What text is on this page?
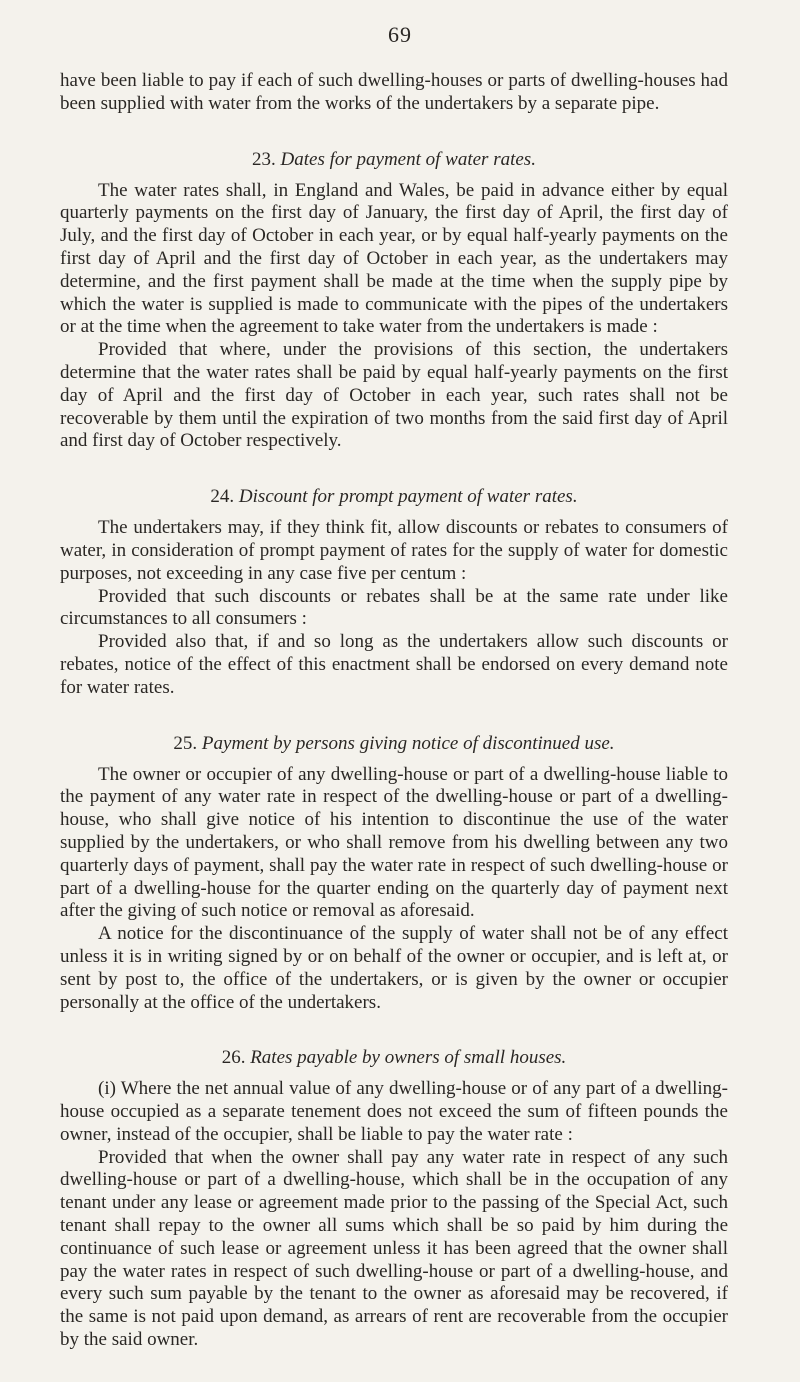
69

have been liable to pay if each of such dwelling-houses or parts of dwelling-houses had been supplied with water from the works of the undertakers by a separate pipe.

23. Dates for payment of water rates.

The water rates shall, in England and Wales, be paid in advance either by equal quarterly payments on the first day of January, the first day of April, the first day of July, and the first day of October in each year, or by equal half-yearly payments on the first day of April and the first day of October in each year, as the undertakers may determine, and the first payment shall be made at the time when the supply pipe by which the water is supplied is made to communicate with the pipes of the undertakers or at the time when the agreement to take water from the undertakers is made :

Provided that where, under the provisions of this section, the undertakers determine that the water rates shall be paid by equal half-yearly payments on the first day of April and the first day of October in each year, such rates shall not be recoverable by them until the expiration of two months from the said first day of April and first day of October respectively.

24. Discount for prompt payment of water rates.

The undertakers may, if they think fit, allow discounts or rebates to consumers of water, in consideration of prompt payment of rates for the supply of water for domestic purposes, not exceeding in any case five per centum :

Provided that such discounts or rebates shall be at the same rate under like circumstances to all consumers :

Provided also that, if and so long as the undertakers allow such discounts or rebates, notice of the effect of this enactment shall be endorsed on every demand note for water rates.

25. Payment by persons giving notice of discontinued use.

The owner or occupier of any dwelling-house or part of a dwelling-house liable to the payment of any water rate in respect of the dwelling-house or part of a dwelling-house, who shall give notice of his intention to discontinue the use of the water supplied by the undertakers, or who shall remove from his dwelling between any two quarterly days of payment, shall pay the water rate in respect of such dwelling-house or part of a dwelling-house for the quarter ending on the quarterly day of payment next after the giving of such notice or removal as aforesaid.

A notice for the discontinuance of the supply of water shall not be of any effect unless it is in writing signed by or on behalf of the owner or occupier, and is left at, or sent by post to, the office of the undertakers, or is given by the owner or occupier personally at the office of the undertakers.

26. Rates payable by owners of small houses.

(i) Where the net annual value of any dwelling-house or of any part of a dwelling-house occupied as a separate tenement does not exceed the sum of fifteen pounds the owner, instead of the occupier, shall be liable to pay the water rate :

Provided that when the owner shall pay any water rate in respect of any such dwelling-house or part of a dwelling-house, which shall be in the occupation of any tenant under any lease or agreement made prior to the passing of the Special Act, such tenant shall repay to the owner all sums which shall be so paid by him during the continuance of such lease or agreement unless it has been agreed that the owner shall pay the water rates in respect of such dwelling-house or part of a dwelling-house, and every such sum payable by the tenant to the owner as aforesaid may be recovered, if the same is not paid upon demand, as arrears of rent are recoverable from the occupier by the said owner.
